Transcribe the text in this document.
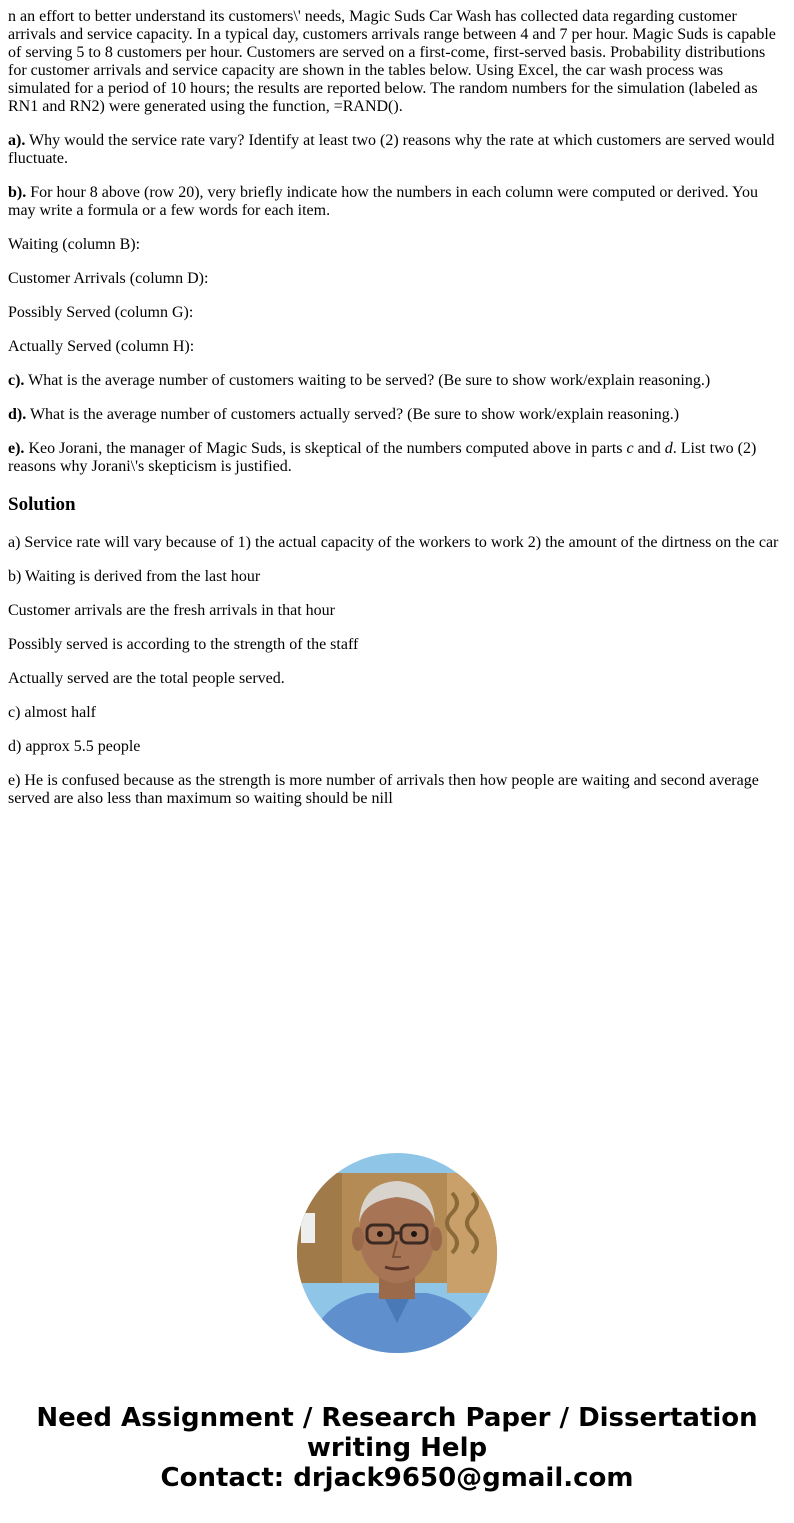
n an effort to better understand its customers\' needs, Magic Suds Car Wash has collected data regarding customer arrivals and service capacity. In a typical day, customers arrivals range between 4 and 7 per hour. Magic Suds is capable of serving 5 to 8 customers per hour. Customers are served on a first-come, first-served basis. Probability distributions for customer arrivals and service capacity are shown in the tables below. Using Excel, the car wash process was simulated for a period of 10 hours; the results are reported below. The random numbers for the simulation (labeled as RN1 and RN2) were generated using the function, =RAND().

a). Why would the service rate vary? Identify at least two (2) reasons why the rate at which customers are served would fluctuate.

b). For hour 8 above (row 20), very briefly indicate how the numbers in each column were computed or derived. You may write a formula or a few words for each item.

Waiting (column B):

Customer Arrivals (column D):

Possibly Served (column G):

Actually Served (column H):

c). What is the average number of customers waiting to be served? (Be sure to show work/explain reasoning.)

d). What is the average number of customers actually served? (Be sure to show work/explain reasoning.)

e). Keo Jorani, the manager of Magic Suds, is skeptical of the numbers computed above in parts c and d. List two (2) reasons why Jorani\'s skepticism is justified.

Solution

a) Service rate will vary because of 1) the actual capacity of the workers to work 2) the amount of the dirtness on the car

b) Waiting is derived from the last hour

Customer arrivals are the fresh arrivals in that hour

Possibly served is according to the strength of the staff

Actually served are the total people served.

c) almost half

d) approx 5.5 people

e) He is confused because as the strength is more number of arrivals then how people are waiting and second average served are also less than maximum so waiting should be nill

Need Assignment / Research Paper / Dissertation
writing Help
Contact: drjack9650@gmail.com
